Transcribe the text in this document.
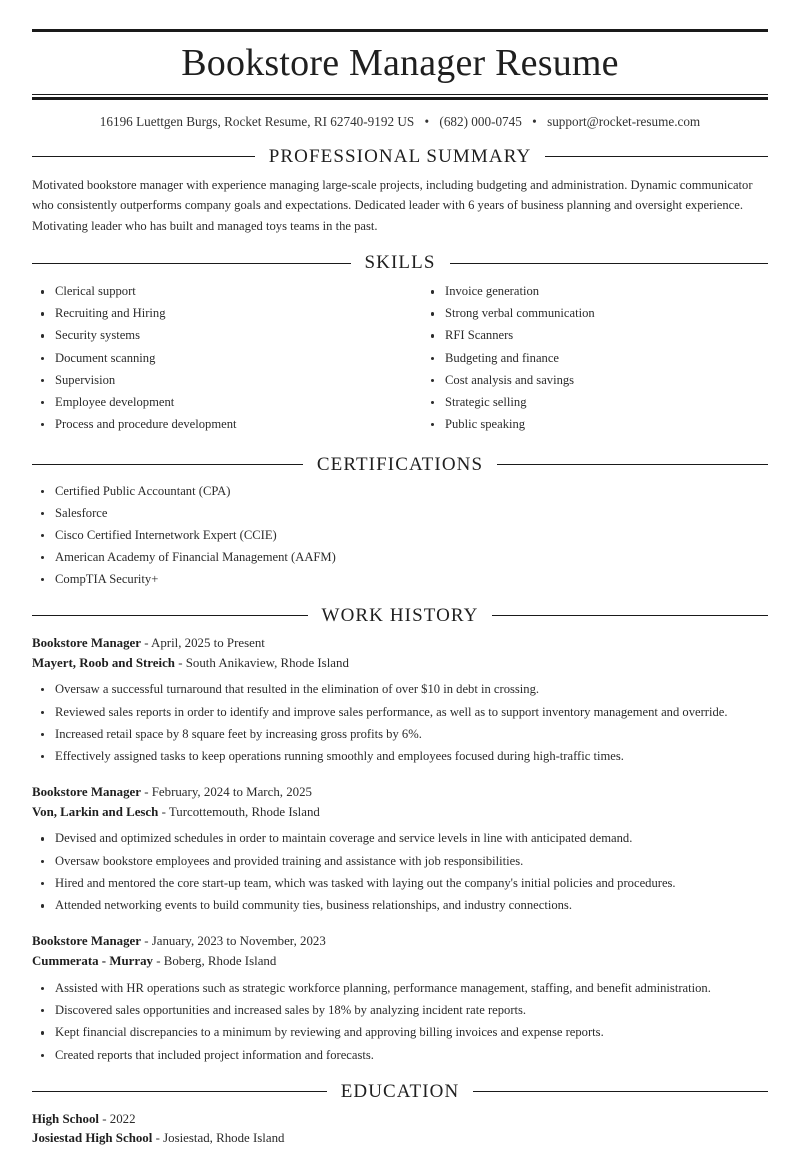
Bookstore Manager Resume
16196 Luettgen Burgs, Rocket Resume, RI 62740-9192 US • (682) 000-0745 • support@rocket-resume.com
PROFESSIONAL SUMMARY

Motivated bookstore manager with experience managing large-scale projects, including budgeting and administration. Dynamic communicator who consistently outperforms company goals and expectations. Dedicated leader with 6 years of business planning and oversight experience. Motivating leader who has built and managed toys teams in the past.

SKILLS
Clerical support
Recruiting and Hiring
Security systems
Document scanning
Supervision
Employee development
Process and procedure development
Invoice generation
Strong verbal communication
RFI Scanners
Budgeting and finance
Cost analysis and savings
Strategic selling
Public speaking
CERTIFICATIONS
Certified Public Accountant (CPA)
Salesforce
Cisco Certified Internetwork Expert (CCIE)
American Academy of Financial Management (AAFM)
CompTIA Security+
WORK HISTORY
Bookstore Manager - April, 2025 to Present
Mayert, Roob and Streich - South Anikaview, Rhode Island
Oversaw a successful turnaround that resulted in the elimination of over $10 in debt in crossing.
Reviewed sales reports in order to identify and improve sales performance, as well as to support inventory management and override.
Increased retail space by 8 square feet by increasing gross profits by 6%.
Effectively assigned tasks to keep operations running smoothly and employees focused during high-traffic times.
Bookstore Manager - February, 2024 to March, 2025
Von, Larkin and Lesch - Turcottemouth, Rhode Island
Devised and optimized schedules in order to maintain coverage and service levels in line with anticipated demand.
Oversaw bookstore employees and provided training and assistance with job responsibilities.
Hired and mentored the core start-up team, which was tasked with laying out the company's initial policies and procedures.
Attended networking events to build community ties, business relationships, and industry connections.
Bookstore Manager - January, 2023 to November, 2023
Cummerata - Murray - Boberg, Rhode Island
Assisted with HR operations such as strategic workforce planning, performance management, staffing, and benefit administration.
Discovered sales opportunities and increased sales by 18% by analyzing incident rate reports.
Kept financial discrepancies to a minimum by reviewing and approving billing invoices and expense reports.
Created reports that included project information and forecasts.
EDUCATION
High School - 2022
Josiestad High School - Josiestad, Rhode Island
